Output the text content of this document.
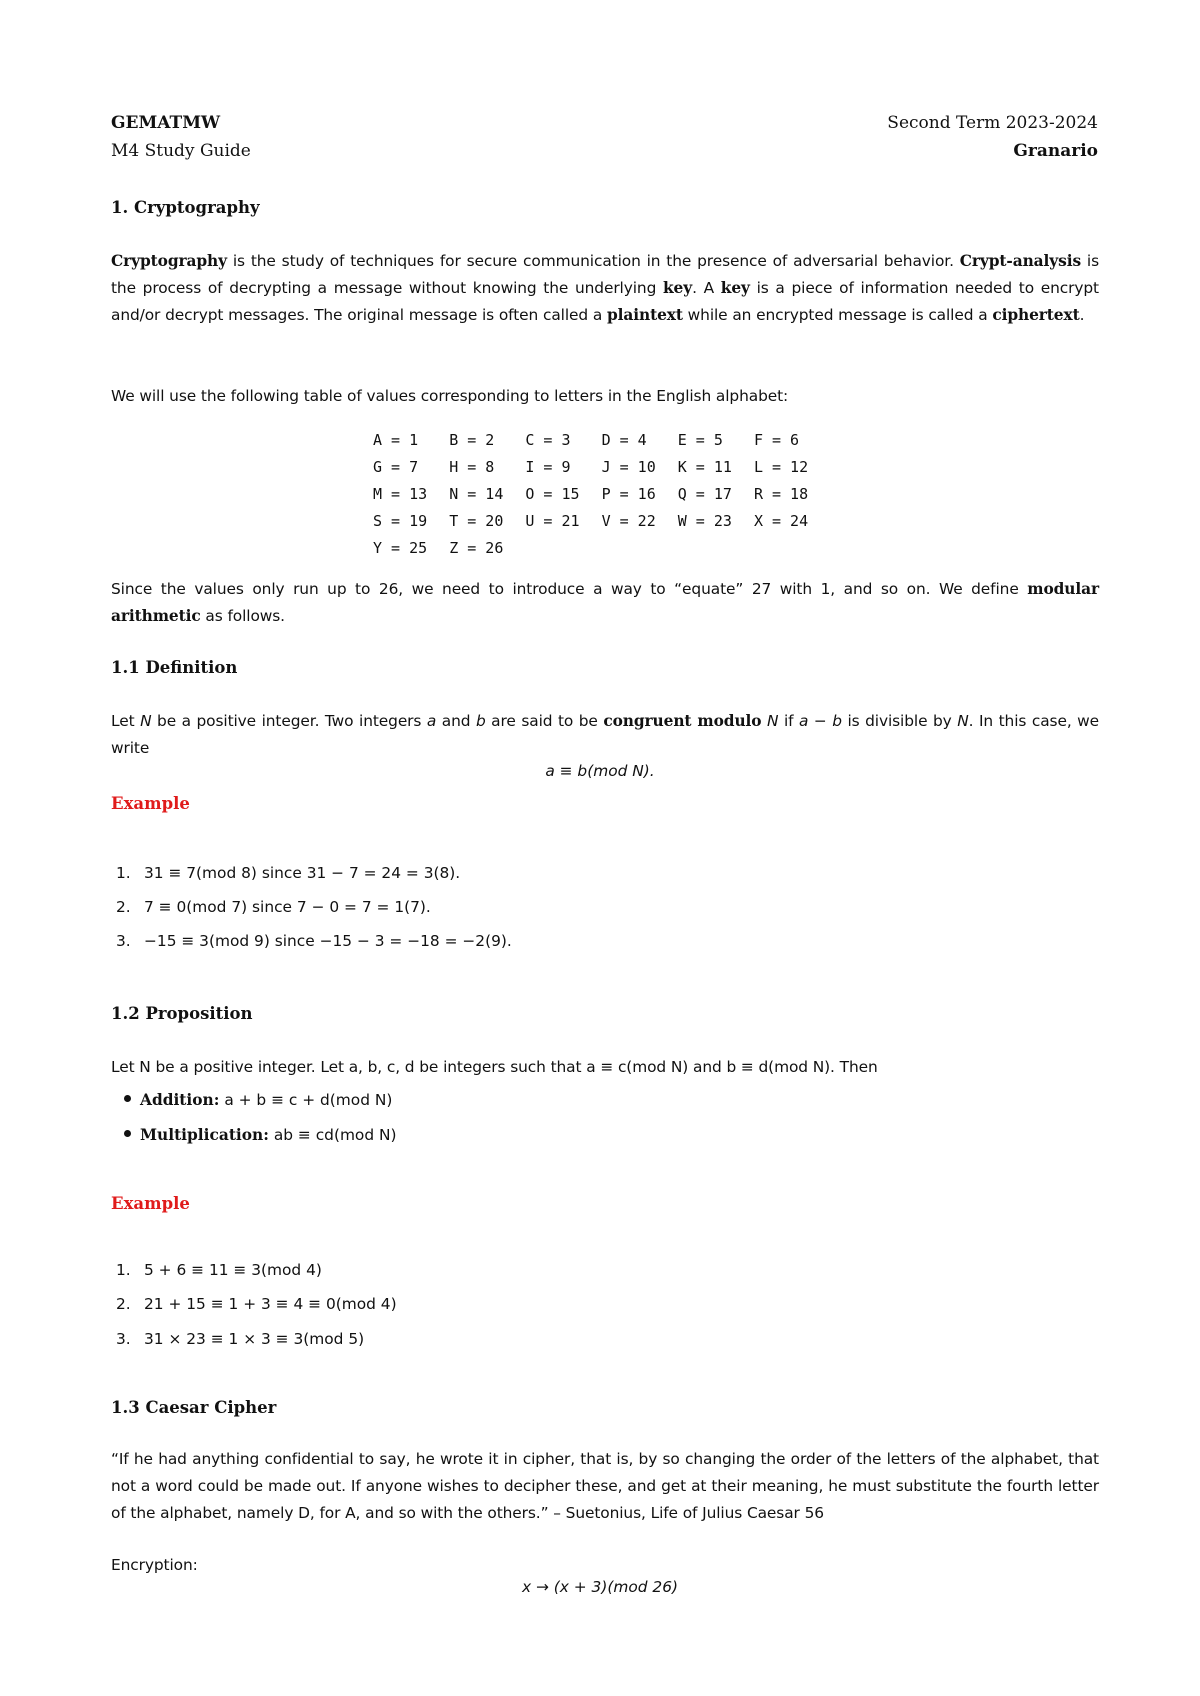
GEMATMW
M4 Study Guide
Second Term 2023-2024
Granario
1. Cryptography
Cryptography is the study of techniques for secure communication in the presence of adversarial behavior. Crypt-analysis is the process of decrypting a message without knowing the underlying key. A key is a piece of information needed to encrypt and/or decrypt messages. The original message is often called a plaintext while an encrypted message is called a ciphertext.
We will use the following table of values corresponding to letters in the English alphabet:
A = 1	B = 2	C = 3	D = 4	E = 5	F = 6
G = 7	H = 8	I = 9	J = 10	K = 11	L = 12
M = 13	N = 14	O = 15	P = 16	Q = 17	R = 18
S = 19	T = 20	U = 21	V = 22	W = 23	X = 24
Y = 25	Z = 26				
Since the values only run up to 26, we need to introduce a way to “equate” 27 with 1, and so on. We define modular arithmetic as follows.
1.1 Definition
Let N be a positive integer. Two integers a and b are said to be congruent modulo N if a − b is divisible by N. In this case, we write
a ≡ b(mod N).
Example
1. 31 ≡ 7(mod 8) since 31 − 7 = 24 = 3(8).
2. 7 ≡ 0(mod 7) since 7 − 0 = 7 = 1(7).
3. −15 ≡ 3(mod 9) since −15 − 3 = −18 = −2(9).
1.2 Proposition
Let N be a positive integer. Let a, b, c, d be integers such that a ≡ c(mod N) and b ≡ d(mod N). Then
Addition: a + b ≡ c + d(mod N)
Multiplication: ab ≡ cd(mod N)
Example
1. 5 + 6 ≡ 11 ≡ 3(mod 4)
2. 21 + 15 ≡ 1 + 3 ≡ 4 ≡ 0(mod 4)
3. 31 × 23 ≡ 1 × 3 ≡ 3(mod 5)
1.3 Caesar Cipher
“If he had anything confidential to say, he wrote it in cipher, that is, by so changing the order of the letters of the alphabet, that not a word could be made out. If anyone wishes to decipher these, and get at their meaning, he must substitute the fourth letter of the alphabet, namely D, for A, and so with the others.” – Suetonius, Life of Julius Caesar 56
Encryption:
x → (x + 3)(mod 26)
